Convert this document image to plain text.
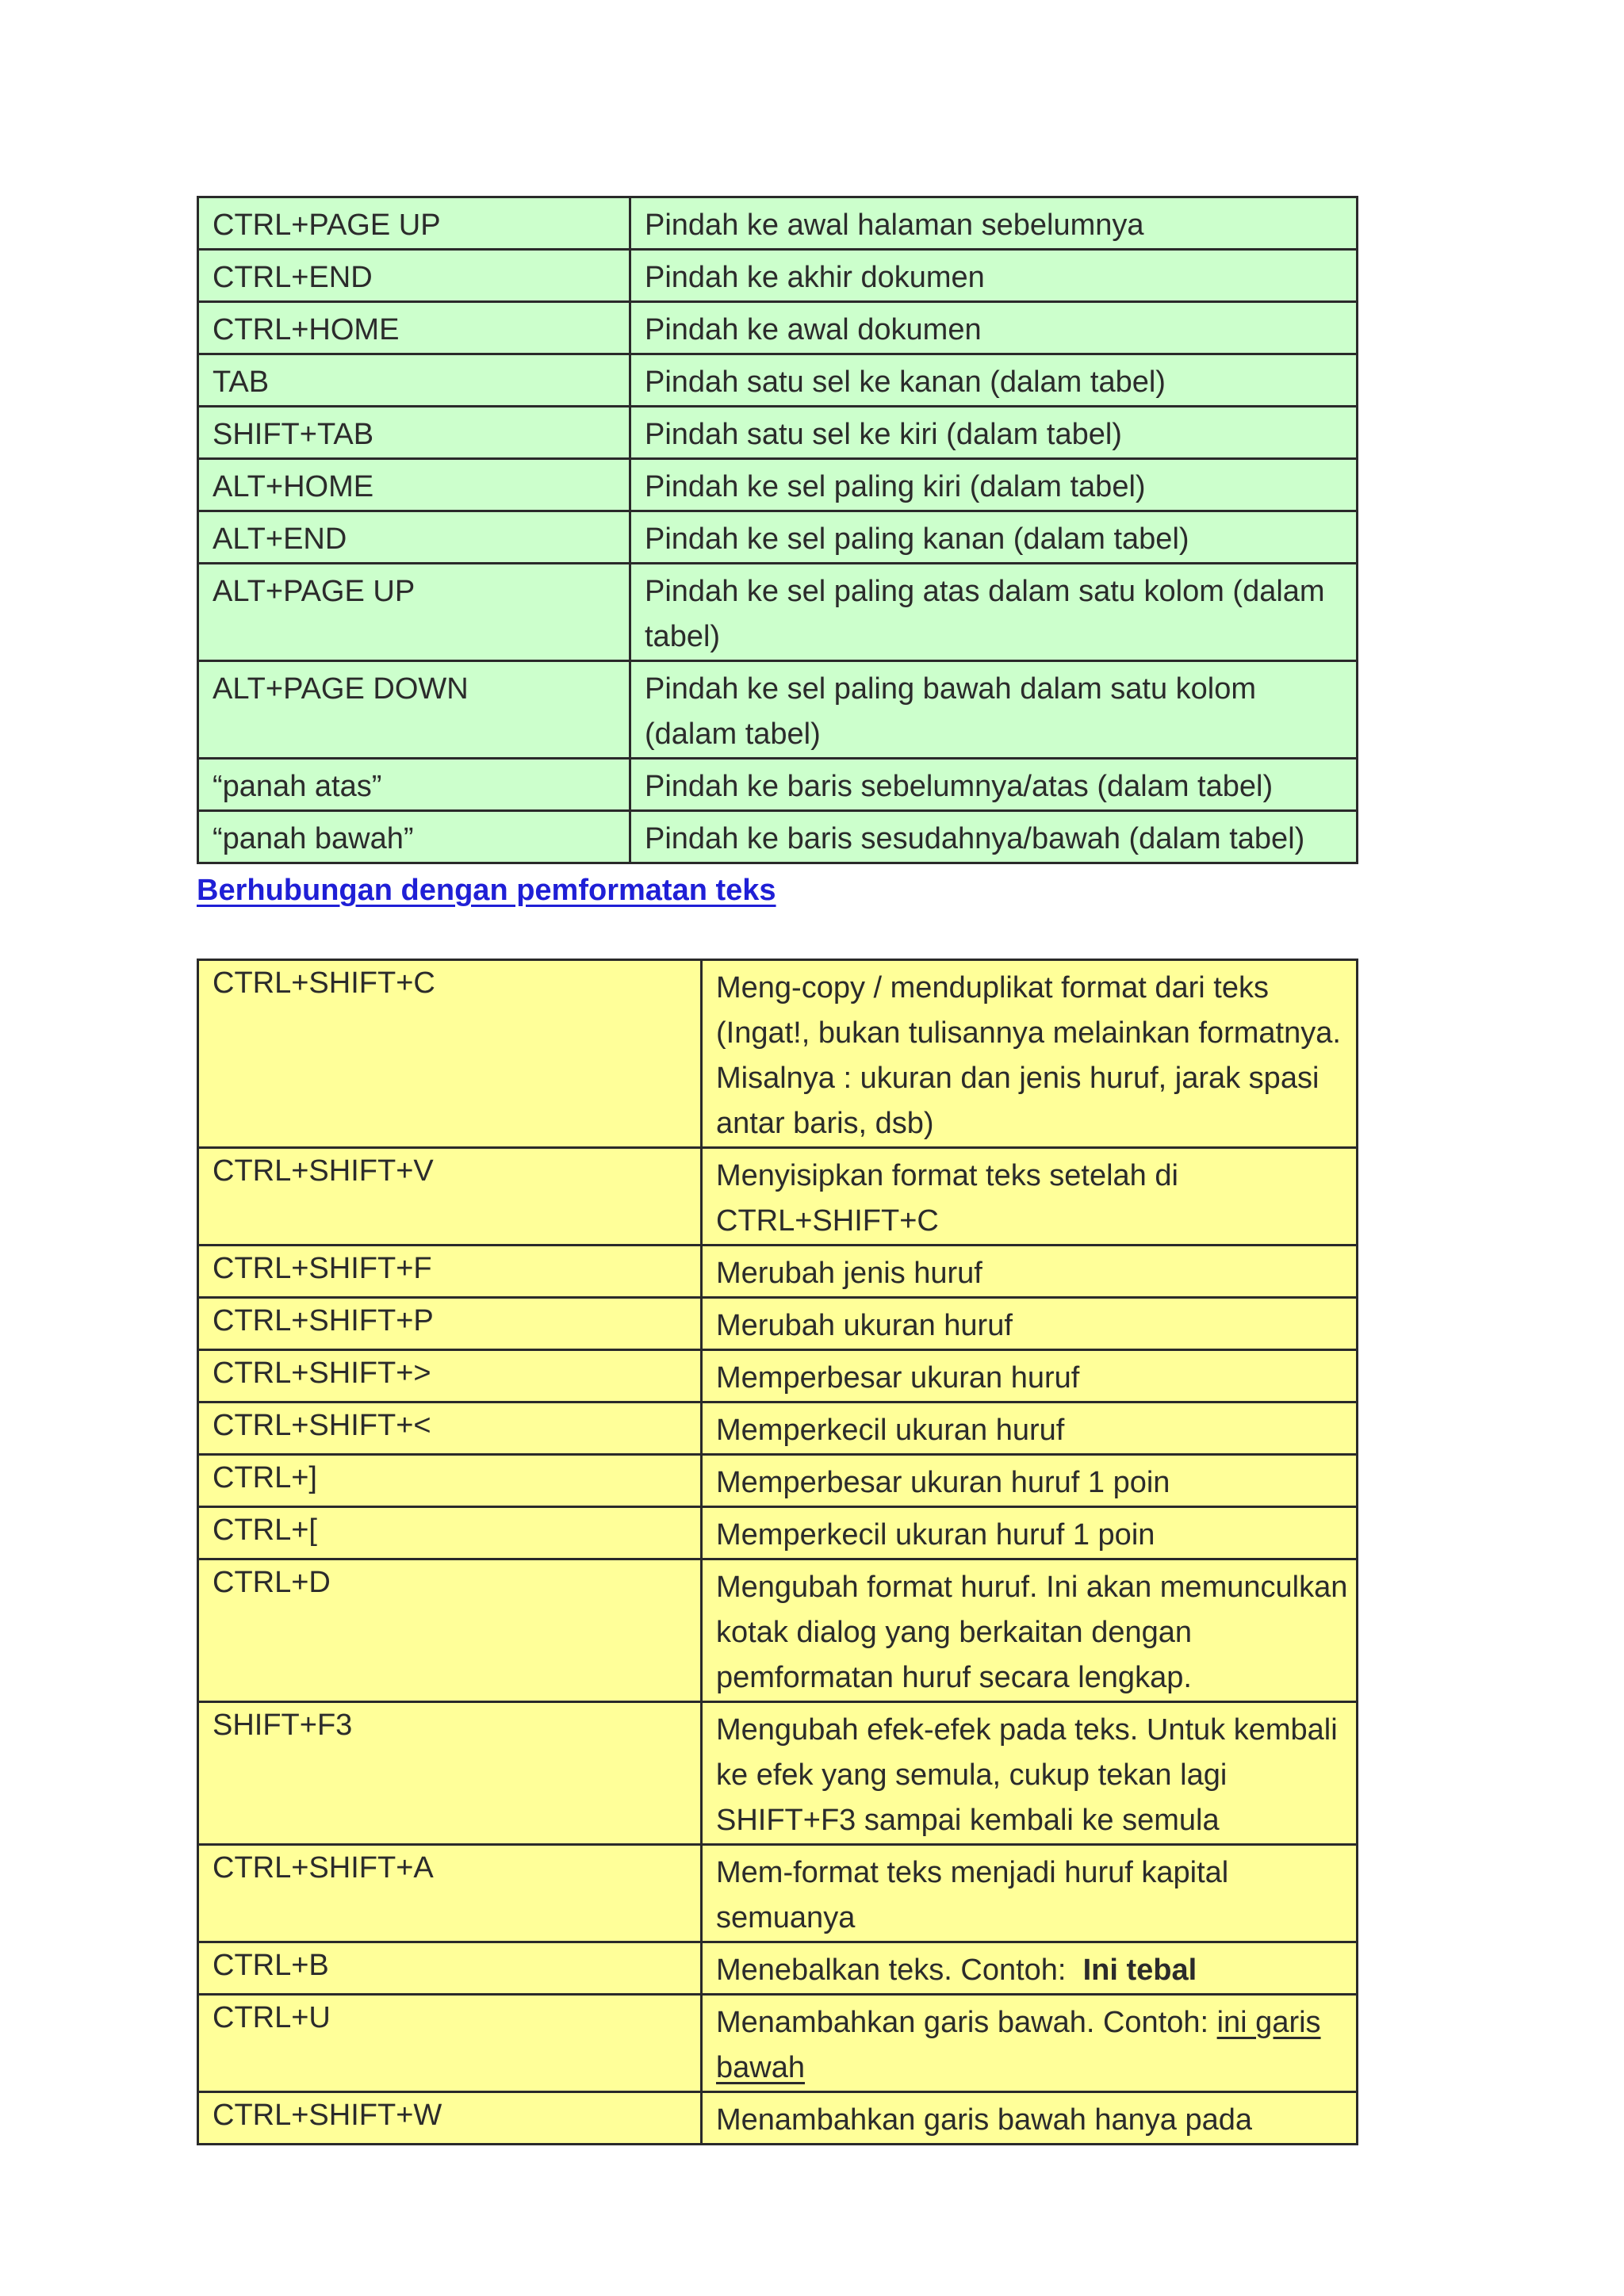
CTRL+PAGE UP	Pindah ke awal halaman sebelumnya
CTRL+END	Pindah ke akhir dokumen
CTRL+HOME	Pindah ke awal dokumen
TAB	Pindah satu sel ke kanan (dalam tabel)
SHIFT+TAB	Pindah satu sel ke kiri (dalam tabel)
ALT+HOME	Pindah ke sel paling kiri (dalam tabel)
ALT+END	Pindah ke sel paling kanan (dalam tabel)
ALT+PAGE UP	Pindah ke sel paling atas dalam satu kolom (dalam tabel)
ALT+PAGE DOWN	Pindah ke sel paling bawah dalam satu kolom (dalam tabel)
“panah atas”	Pindah ke baris sebelumnya/atas (dalam tabel)
“panah bawah”	Pindah ke baris sesudahnya/bawah (dalam tabel)
Berhubungan dengan pemformatan teks
CTRL+SHIFT+C	Meng-copy / menduplikat format dari teks (Ingat!, bukan tulisannya melainkan formatnya. Misalnya : ukuran dan jenis huruf, jarak spasi antar baris, dsb)
CTRL+SHIFT+V	Menyisipkan format teks setelah di CTRL+SHIFT+C
CTRL+SHIFT+F	Merubah jenis huruf
CTRL+SHIFT+P	Merubah ukuran huruf
CTRL+SHIFT+>	Memperbesar ukuran huruf
CTRL+SHIFT+<	Memperkecil ukuran huruf
CTRL+]	Memperbesar ukuran huruf 1 poin
CTRL+[	Memperkecil ukuran huruf 1 poin
CTRL+D	Mengubah format huruf. Ini akan memunculkan kotak dialog yang berkaitan dengan pemformatan huruf secara lengkap.
SHIFT+F3	Mengubah efek-efek pada teks. Untuk kembali ke efek yang semula, cukup tekan lagi SHIFT+F3 sampai kembali ke semula
CTRL+SHIFT+A	Mem-format teks menjadi huruf kapital semuanya
CTRL+B	Menebalkan teks. Contoh: Ini tebal
CTRL+U	Menambahkan garis bawah. Contoh: ini garis bawah
CTRL+SHIFT+W	Menambahkan garis bawah hanya pada
